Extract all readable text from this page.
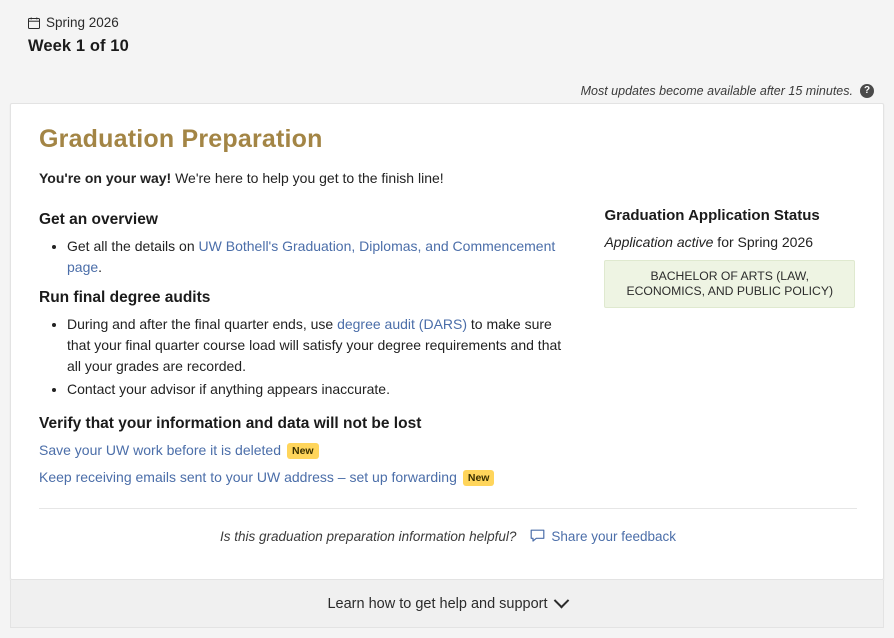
Spring 2026
Week 1 of 10
Most updates become available after 15 minutes.	?
Graduation Preparation

You're on your way! We're here to help you get to the finish line!

Get an overview
• Get all the details on UW Bothell's Graduation, Diplomas, and Commencement page.
Run final degree audits
• During and after the final quarter ends, use degree audit (DARS) to make sure that your final quarter course load will satisfy your degree requirements and that all your grades are recorded.
• Contact your advisor if anything appears inaccurate.
Verify that your information and data will not be lost
Save your UW work before it is deleted New
Keep receiving emails sent to your UW address – set up forwarding New
Graduation Application Status
Application active for Spring 2026
BACHELOR OF ARTS (LAW, ECONOMICS, AND PUBLIC POLICY)
Is this graduation preparation information helpful?	Share your feedback
Learn how to get help and support
